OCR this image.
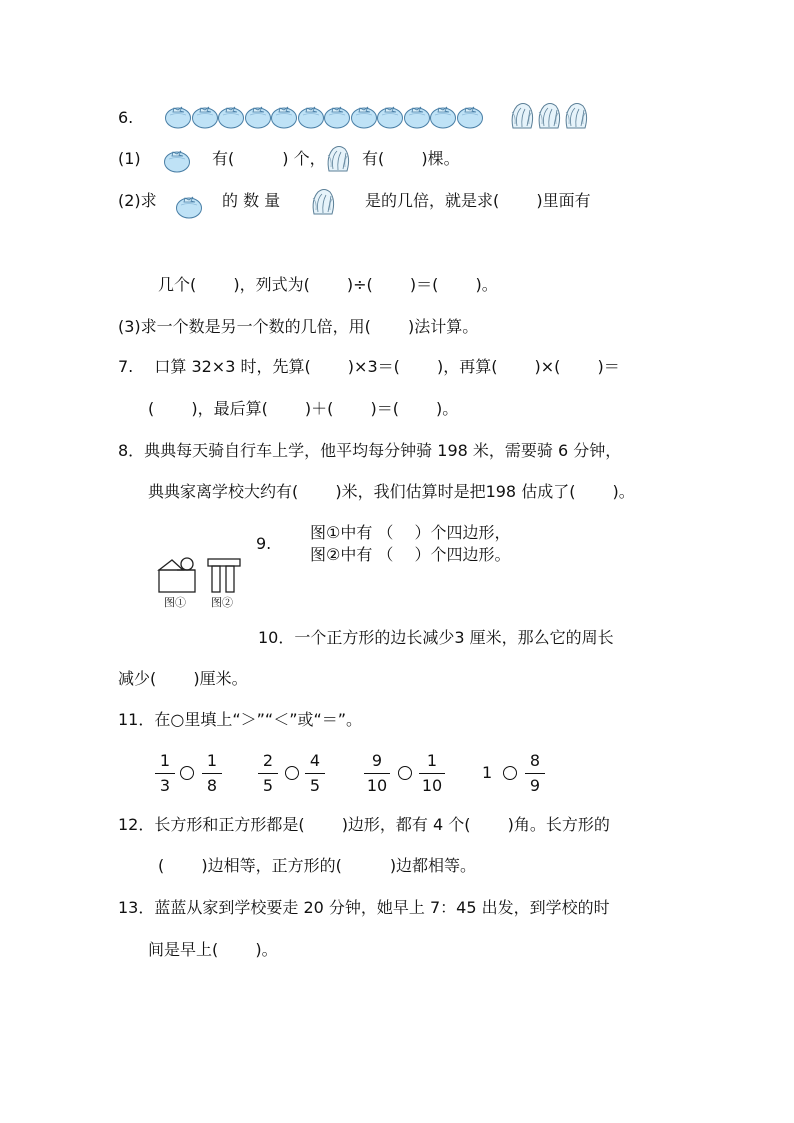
6.
(1)	有(　　　) 个， 有(　　 )棵。
(2)求	的 数 量	是的几倍，就是求(　　 )里面有
几个(　　 )，列式为(　　 )÷(　　 )＝(　　 )。
(3)求一个数是另一个数的几倍，用(　　 )法计算。
7.　 口算 32×3 时，先算(　　 )×3＝(　　 )，再算(　　 )×(　　 )＝
(　　 )，最后算(　　 )＋(　　 )＝(　　 )。
8．典典每天骑自行车上学，他平均每分钟骑 198 米，需要骑 6 分钟，
典典家离学校大约有(　　 )米，我们估算时是把198 估成了(　　 )。
9.
图①中有 （　 ）个四边形，
图②中有 （　 ）个四边形。
图① 图②
10．一个正方形的边长减少3 厘米，那么它的周长
减少(　　 )厘米。
11．在○里填上“＞”“＜”或“＝”。
1
3
1
8
2
5
4
5
9
10
1
10
1
8
9
12．长方形和正方形都是(　　 )边形，都有 4 个(　　 )角。长方形的
(　　 )边相等，正方形的(　　　)边都相等。
13．蓝蓝从家到学校要走 20 分钟，她早上 7：45 出发，到学校的时
间是早上(　　 )。
